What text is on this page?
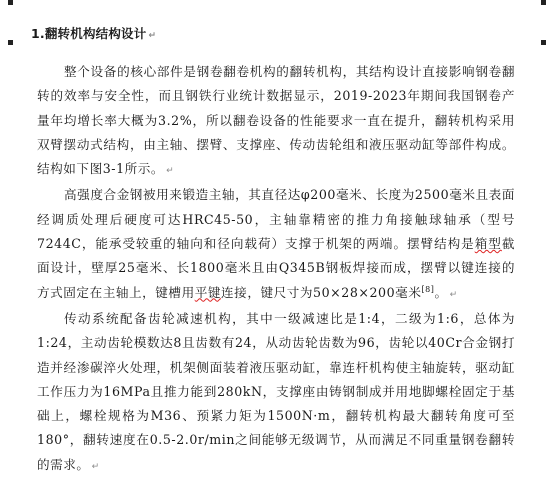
1.翻转机构结构设计 ↵

整个设备的核心部件是钢卷翻卷机构的翻转机构，其结构设计直接影响钢卷翻转的效率与安全性，而且钢铁行业统计数据显示，2019-2023年期间我国钢卷产量年均增长率大概为3.2%，所以翻卷设备的性能要求一直在提升，翻转机构采用双臂摆动式结构，由主轴、摆臂、支撑座、传动齿轮组和液压驱动缸等部件构成。结构如下图3-1所示。 ↵

高强度合金钢被用来锻造主轴，其直径达φ200毫米、长度为2500毫米且表面经调质处理后硬度可达HRC45-50，主轴靠精密的推力角接触球轴承（型号7244C，能承受较重的轴向和径向载荷）支撑于机架的两端。摆臂结构是箱型截面设计，壁厚25毫米、长1800毫米且由Q345B钢板焊接而成，摆臂以键连接的方式固定在主轴上，键槽用平键连接，键尺寸为50×28×200毫米[8]。 ↵

传动系统配备齿轮减速机构，其中一级减速比是1:4，二级为1:6，总体为1:24，主动齿轮模数达8且齿数有24，从动齿轮齿数为96，齿轮以40Cr合金钢打造并经渗碳淬火处理，机架侧面装着液压驱动缸，靠连杆机构使主轴旋转，驱动缸工作压力为16MPa且推力能到280kN，支撑座由铸钢制成并用地脚螺栓固定于基础上，螺栓规格为M36、预紧力矩为1500N·m，翻转机构最大翻转角度可至180°，翻转速度在0.5-2.0r/min之间能够无级调节，从而满足不同重量钢卷翻转的需求。 ↵
